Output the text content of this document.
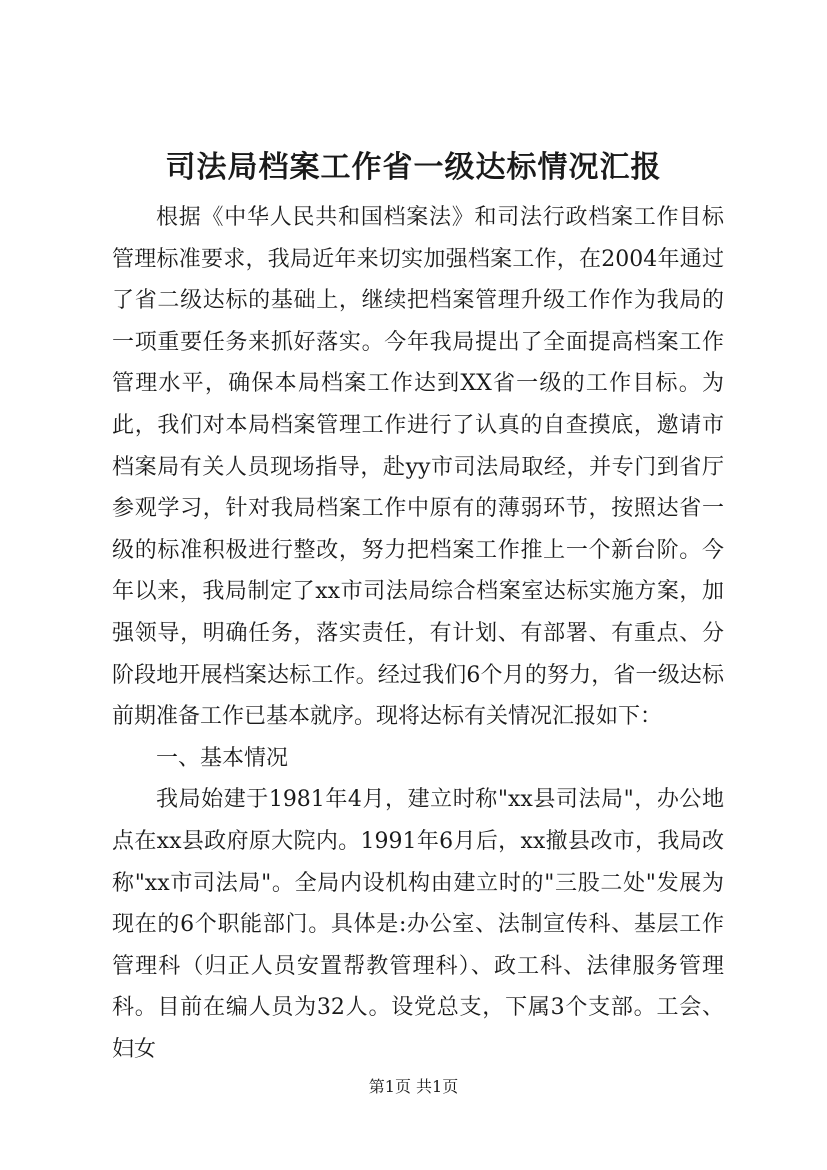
司法局档案工作省一级达标情况汇报

根据《中华人民共和国档案法》和司法行政档案工作目标管理标准要求，我局近年来切实加强档案工作，在2004年通过了省二级达标的基础上，继续把档案管理升级工作作为我局的一项重要任务来抓好落实。今年我局提出了全面提高档案工作管理水平，确保本局档案工作达到XX省一级的工作目标。为此，我们对本局档案管理工作进行了认真的自查摸底，邀请市档案局有关人员现场指导，赴yy市司法局取经，并专门到省厅参观学习，针对我局档案工作中原有的薄弱环节，按照达省一级的标准积极进行整改，努力把档案工作推上一个新台阶。今年以来，我局制定了xx市司法局综合档案室达标实施方案，加强领导，明确任务，落实责任，有计划、有部署、有重点、分阶段地开展档案达标工作。经过我们6个月的努力，省一级达标前期准备工作已基本就序。现将达标有关情况汇报如下：

一、基本情况

我局始建于1981年4月，建立时称"xx县司法局"，办公地点在xx县政府原大院内。1991年6月后，xx撤县改市，我局改称"xx市司法局"。全局内设机构由建立时的"三股二处"发展为现在的6个职能部门。具体是:办公室、法制宣传科、基层工作管理科（归正人员安置帮教管理科）、政工科、法律服务管理科。目前在编人员为32人。设党总支，下属3个支部。工会、妇女

第1页 共1页
